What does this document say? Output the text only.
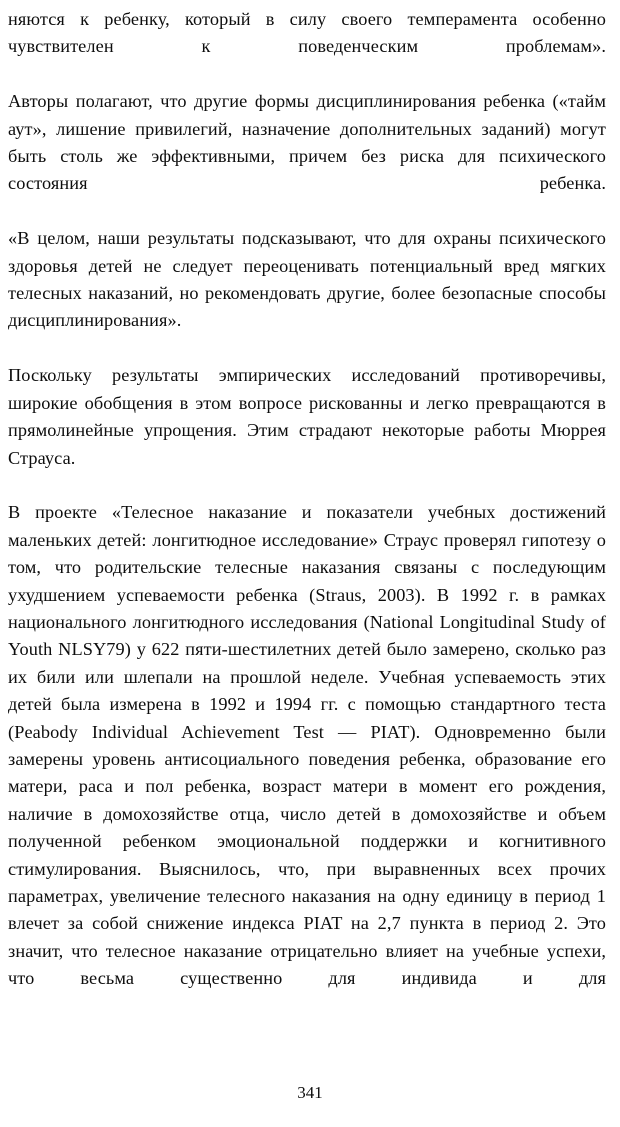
няются к ребенку, который в силу своего темперамента особенно чувствителен к поведенческим проблемам».

Авторы полагают, что другие формы дисциплинирования ребенка («тайм аут», лишение привилегий, назначение дополнительных заданий) могут быть столь же эффективными, причем без риска для психического состояния ребенка.

«В целом, наши результаты подсказывают, что для охраны психического здоровья детей не следует переоценивать потенциальный вред мягких телесных наказаний, но рекомендовать другие, более безопасные способы дисциплинирования».

Поскольку результаты эмпирических исследований противоречивы, широкие обобщения в этом вопросе рискованны и легко превращаются в прямолинейные упрощения. Этим страдают некоторые работы Мюррея Страуса.

В проекте «Телесное наказание и показатели учебных достижений маленьких детей: лонгитюдное исследование» Страус проверял гипотезу о том, что родительские телесные наказания связаны с последующим ухудшением успеваемости ребенка (Straus, 2003). В 1992 г. в рамках национального лонгитюдного исследования (National Longitudinal Study of Youth NLSY79) у 622 пяти-шестилетних детей было замерено, сколько раз их били или шлепали на прошлой неделе. Учебная успеваемость этих детей была измерена в 1992 и 1994 гг. с помощью стандартного теста (Peabody Individual Achievement Test — PIAT). Одновременно были замерены уровень антисоциального поведения ребенка, образование его матери, раса и пол ребенка, возраст матери в момент его рождения, наличие в домохозяйстве отца, число детей в домохозяйстве и объем полученной ребенком эмоциональной поддержки и когнитивного стимулирования. Выяснилось, что, при выравненных всех прочих параметрах, увеличение телесного наказания на одну единицу в период 1 влечет за собой снижение индекса PIAT на 2,7 пункта в период 2. Это значит, что телесное наказание отрицательно влияет на учебные успехи, что весьма существенно для индивида и для

341
